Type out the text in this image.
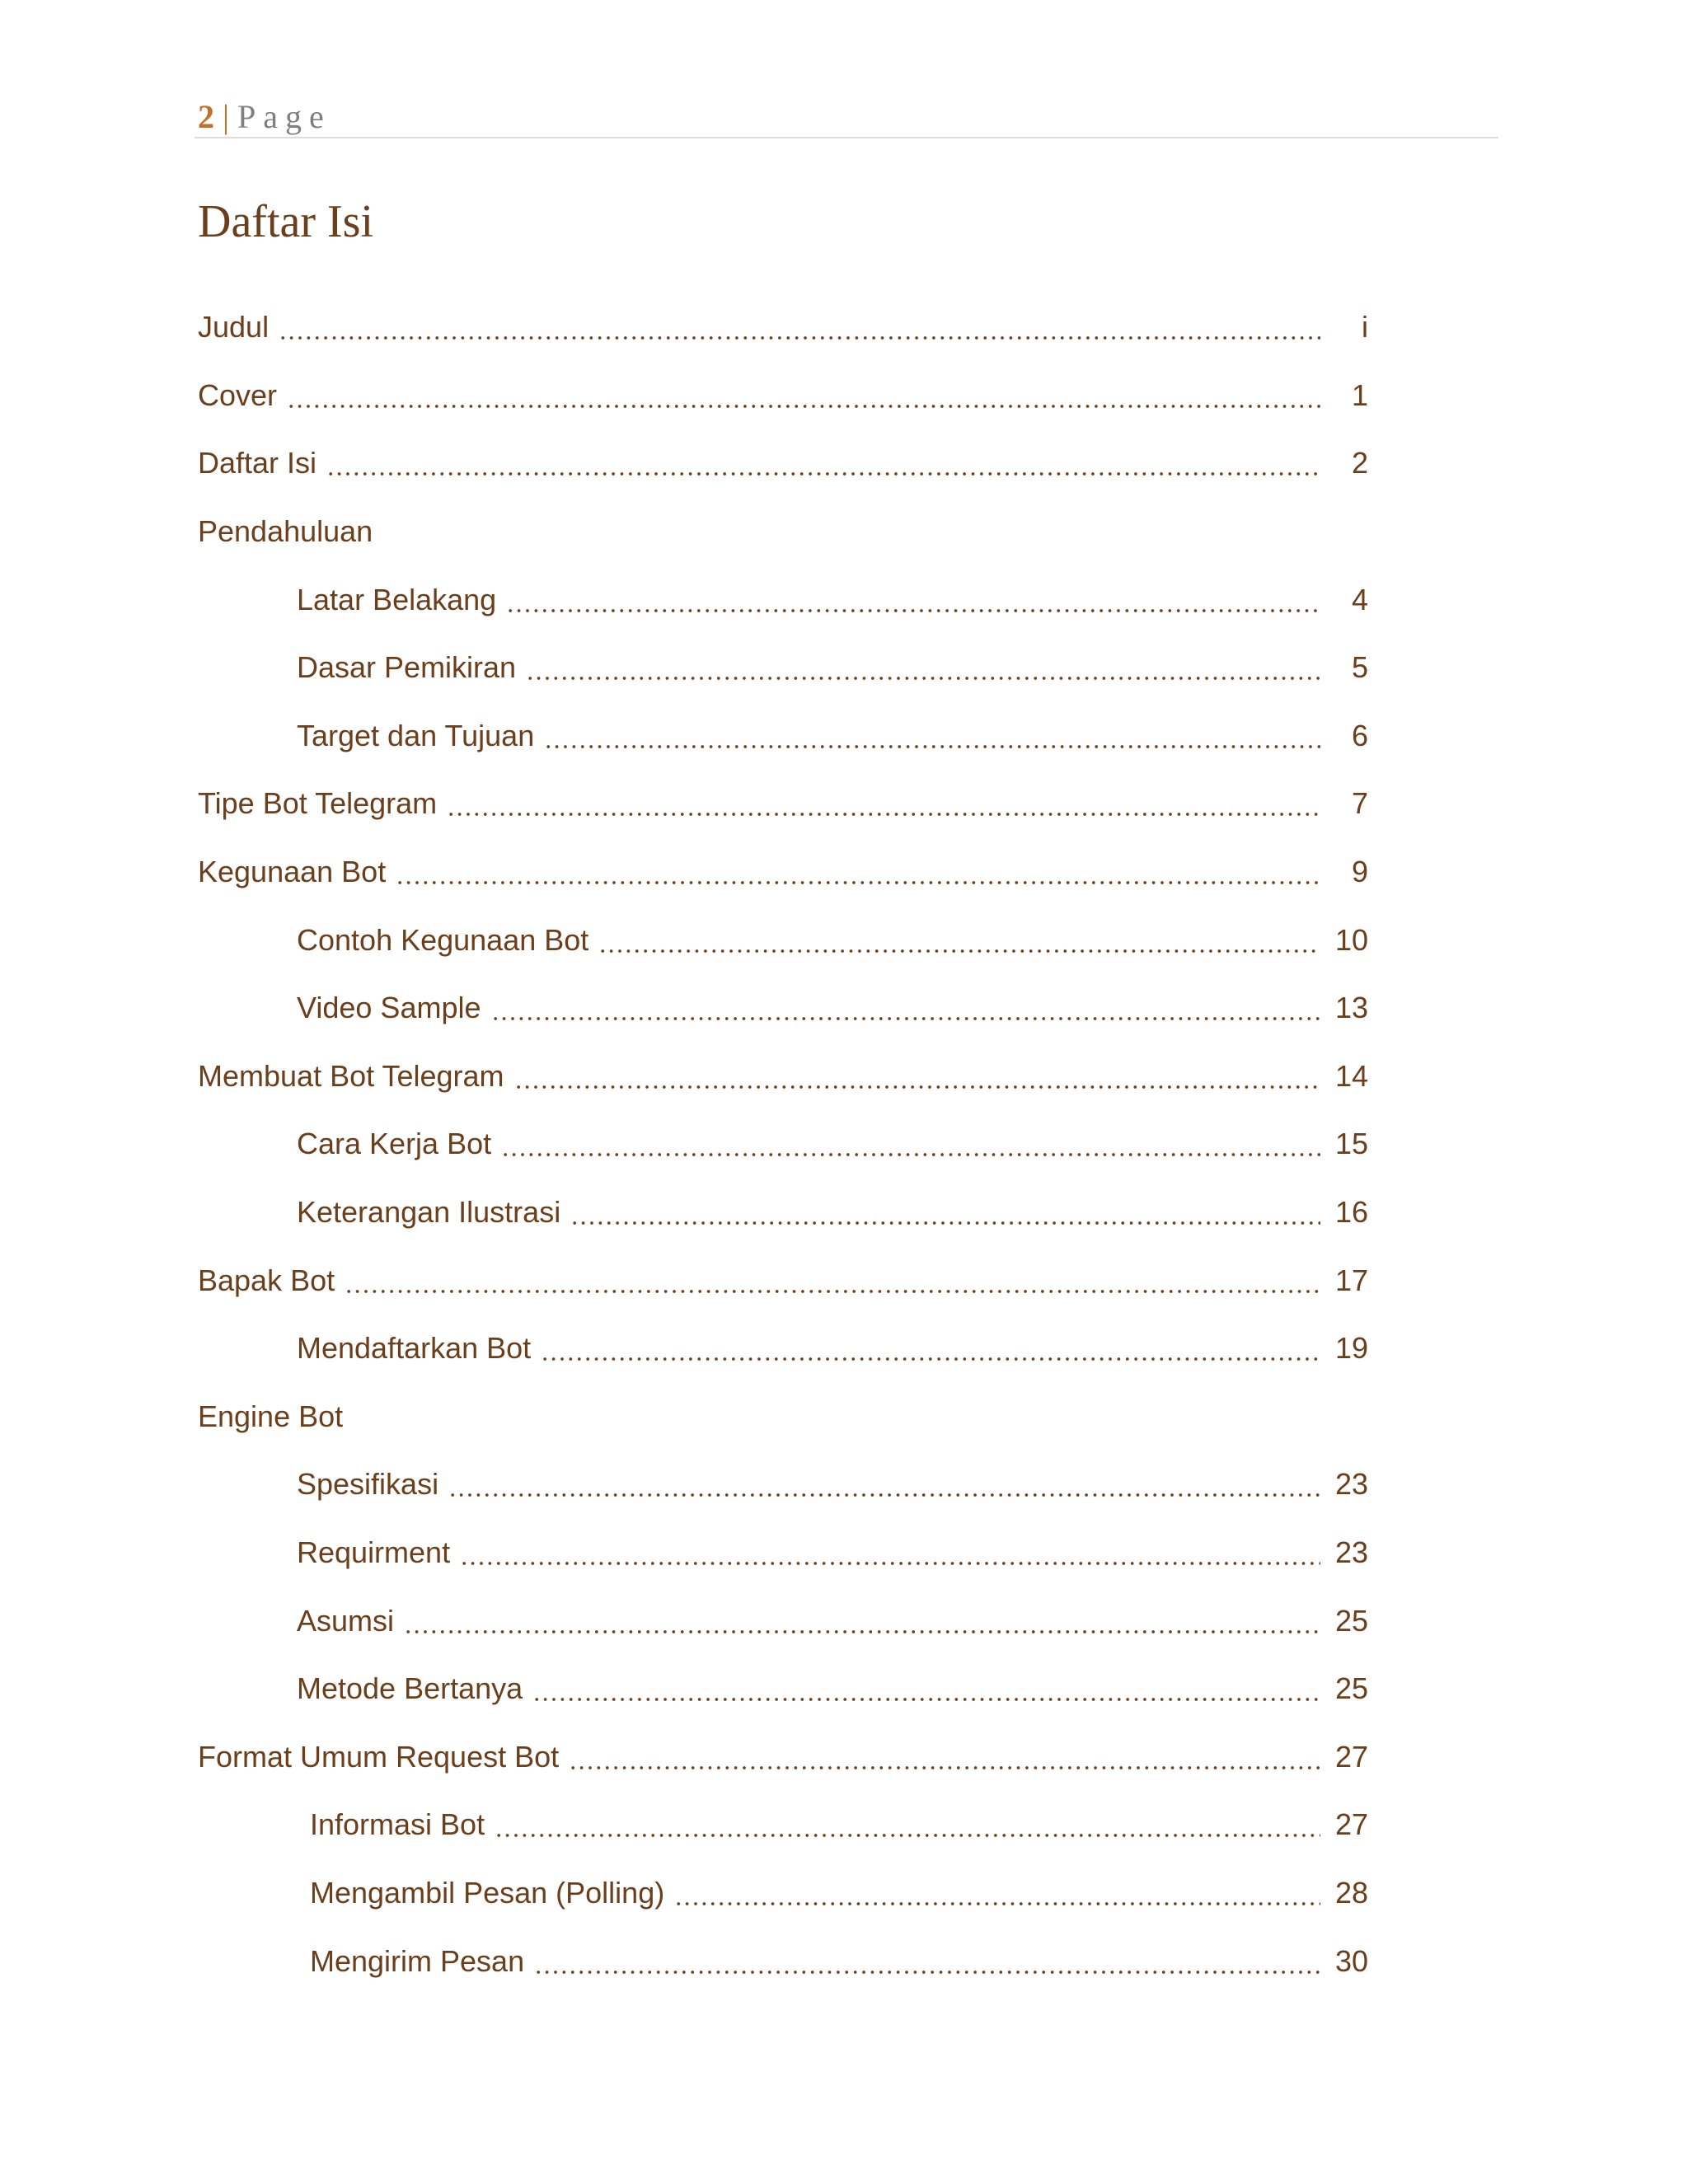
2 | Page
Daftar Isi
Judul	i
Cover	1
Daftar Isi	2
Pendahuluan
Latar Belakang	4
Dasar Pemikiran	5
Target dan Tujuan	6
Tipe Bot Telegram	7
Kegunaan Bot	9
Contoh Kegunaan Bot	10
Video Sample	13
Membuat Bot Telegram	14
Cara Kerja Bot	15
Keterangan Ilustrasi	16
Bapak Bot	17
Mendaftarkan Bot	19
Engine Bot
Spesifikasi	23
Requirment	23
Asumsi	25
Metode Bertanya	25
Format Umum Request Bot	27
Informasi Bot	27
Mengambil Pesan (Polling)	28
Mengirim Pesan	30
